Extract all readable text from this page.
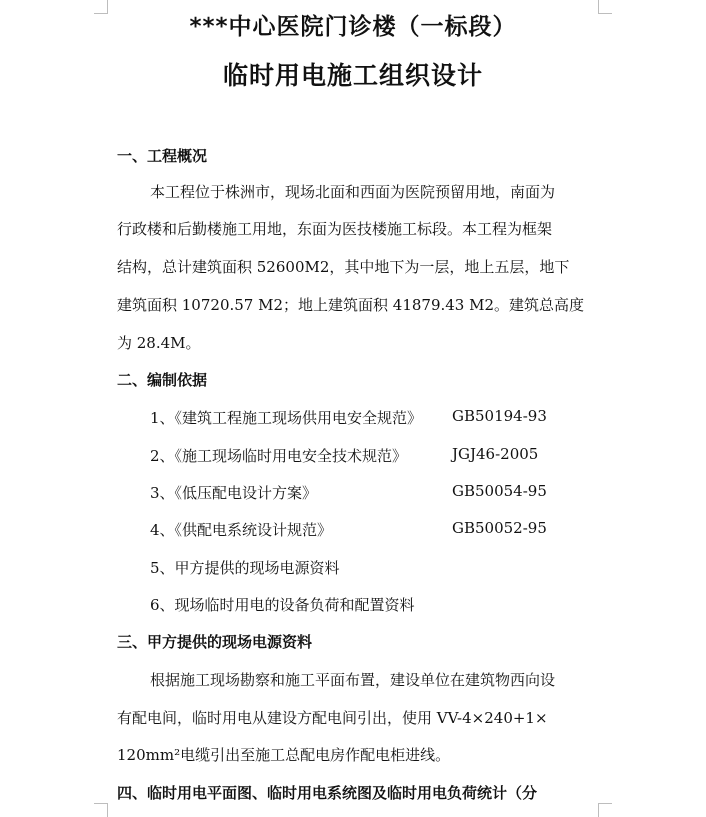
***中心医院门诊楼（一标段）
临时用电施工组织设计
一、工程概况
本工程位于株洲市，现场北面和西面为医院预留用地，南面为
行政楼和后勤楼施工用地，东面为医技楼施工标段。本工程为框架
结构，总计建筑面积 52600M2，其中地下为一层，地上五层，地下
建筑面积 10720.57 M2；地上建筑面积 41879.43 M2。建筑总高度
为 28.4M。
二、编制依据
1、《建筑工程施工现场供用电安全规范》 GB50194-93
2、《施工现场临时用电安全技术规范》	JGJ46-2005
3、《低压配电设计方案》	GB50054-95
4、《供配电系统设计规范》	GB50052-95
5、甲方提供的现场电源资料
6、现场临时用电的设备负荷和配置资料
三、甲方提供的现场电源资料
根据施工现场勘察和施工平面布置，建设单位在建筑物西向设
有配电间，临时用电从建设方配电间引出，使用 VV-4×240+1×
120mm²电缆引出至施工总配电房作配电柜进线。
四、临时用电平面图、临时用电系统图及临时用电负荷统计（分
